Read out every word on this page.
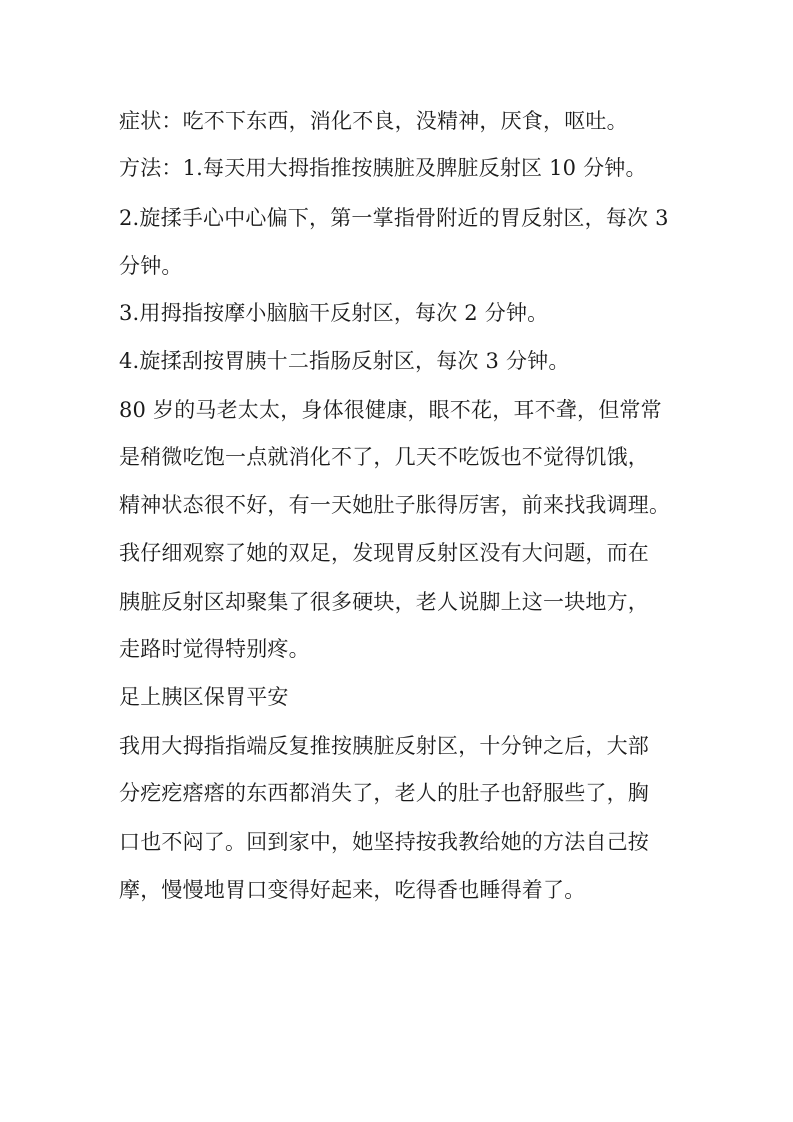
症状：吃不下东西，消化不良，没精神，厌食，呕吐。
方法：1.每天用大拇指推按胰脏及脾脏反射区 10 分钟。
2.旋揉手心中心偏下，第一掌指骨附近的胃反射区，每次 3
分钟。
3.用拇指按摩小脑脑干反射区，每次 2 分钟。
4.旋揉刮按胃胰十二指肠反射区，每次 3 分钟。
80 岁的马老太太，身体很健康，眼不花，耳不聋，但常常
是稍微吃饱一点就消化不了，几天不吃饭也不觉得饥饿，
精神状态很不好，有一天她肚子胀得厉害，前来找我调理。
我仔细观察了她的双足，发现胃反射区没有大问题，而在
胰脏反射区却聚集了很多硬块，老人说脚上这一块地方，
走路时觉得特别疼。
足上胰区保胃平安
我用大拇指指端反复推按胰脏反射区，十分钟之后，大部
分疙疙瘩瘩的东西都消失了，老人的肚子也舒服些了，胸
口也不闷了。回到家中，她坚持按我教给她的方法自己按
摩，慢慢地胃口变得好起来，吃得香也睡得着了。
